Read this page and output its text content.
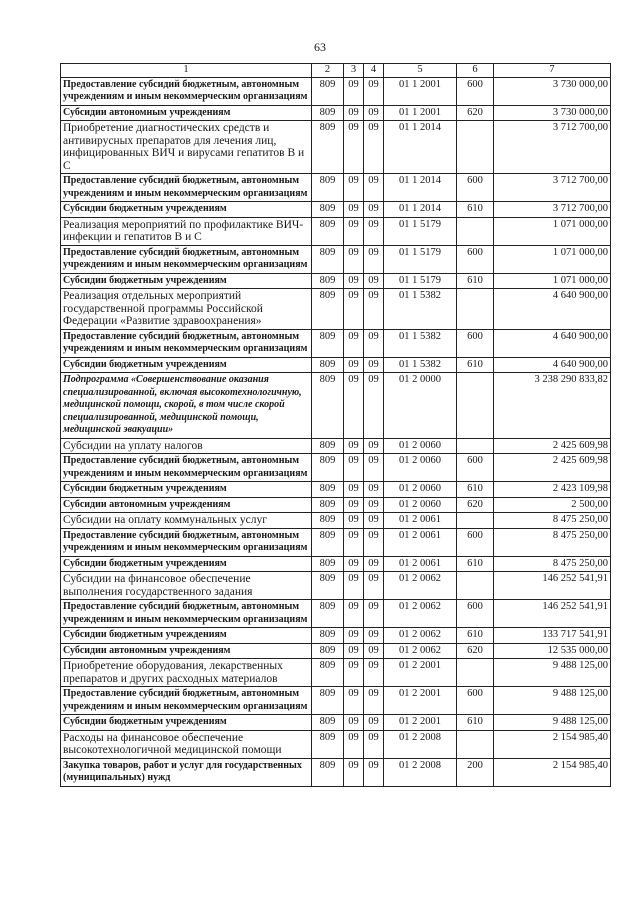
63
1	2	3	4	5	6	7
Предоставление субсидий бюджетным, автономным учреждениям и иным некоммерческим организациям	809	09	09	01 1 2001	600	3 730 000,00
Субсидии автономным учреждениям	809	09	09	01 1 2001	620	3 730 000,00
Приобретение диагностических средств и антивирусных препаратов для лечения лиц, инфицированных ВИЧ и вирусами гепатитов В и С	809	09	09	01 1 2014		3 712 700,00
Предоставление субсидий бюджетным, автономным учреждениям и иным некоммерческим организациям	809	09	09	01 1 2014	600	3 712 700,00
Субсидии бюджетным учреждениям	809	09	09	01 1 2014	610	3 712 700,00
Реализация мероприятий по профилактике ВИЧ-инфекции и гепатитов В и С	809	09	09	01 1 5179		1 071 000,00
Предоставление субсидий бюджетным, автономным учреждениям и иным некоммерческим организациям	809	09	09	01 1 5179	600	1 071 000,00
Субсидии бюджетным учреждениям	809	09	09	01 1 5179	610	1 071 000,00
Реализация отдельных мероприятий государственной программы Российской Федерации «Развитие здравоохранения»	809	09	09	01 1 5382		4 640 900,00
Предоставление субсидий бюджетным, автономным учреждениям и иным некоммерческим организациям	809	09	09	01 1 5382	600	4 640 900,00
Субсидии бюджетным учреждениям	809	09	09	01 1 5382	610	4 640 900,00
Подпрограмма «Совершенствование оказания специализированной, включая высокотехнологичную, медицинской помощи, скорой, в том числе скорой специализированной, медицинской помощи, медицинской эвакуации»	809	09	09	01 2 0000		3 238 290 833,82
Субсидии на уплату налогов	809	09	09	01 2 0060		2 425 609,98
Предоставление субсидий бюджетным, автономным учреждениям и иным некоммерческим организациям	809	09	09	01 2 0060	600	2 425 609,98
Субсидии бюджетным учреждениям	809	09	09	01 2 0060	610	2 423 109,98
Субсидии автономным учреждениям	809	09	09	01 2 0060	620	2 500,00
Субсидии на оплату коммунальных услуг	809	09	09	01 2 0061		8 475 250,00
Предоставление субсидий бюджетным, автономным учреждениям и иным некоммерческим организациям	809	09	09	01 2 0061	600	8 475 250,00
Субсидии бюджетным учреждениям	809	09	09	01 2 0061	610	8 475 250,00
Субсидии на финансовое обеспечение выполнения государственного задания	809	09	09	01 2 0062		146 252 541,91
Предоставление субсидий бюджетным, автономным учреждениям и иным некоммерческим организациям	809	09	09	01 2 0062	600	146 252 541,91
Субсидии бюджетным учреждениям	809	09	09	01 2 0062	610	133 717 541,91
Субсидии автономным учреждениям	809	09	09	01 2 0062	620	12 535 000,00
Приобретение оборудования, лекарственных препаратов и других расходных материалов	809	09	09	01 2 2001		9 488 125,00
Предоставление субсидий бюджетным, автономным учреждениям и иным некоммерческим организациям	809	09	09	01 2 2001	600	9 488 125,00
Субсидии бюджетным учреждениям	809	09	09	01 2 2001	610	9 488 125,00
Расходы на финансовое обеспечение высокотехнологичной медицинской помощи	809	09	09	01 2 2008		2 154 985,40
Закупка товаров, работ и услуг для государственных (муниципальных) нужд	809	09	09	01 2 2008	200	2 154 985,40
